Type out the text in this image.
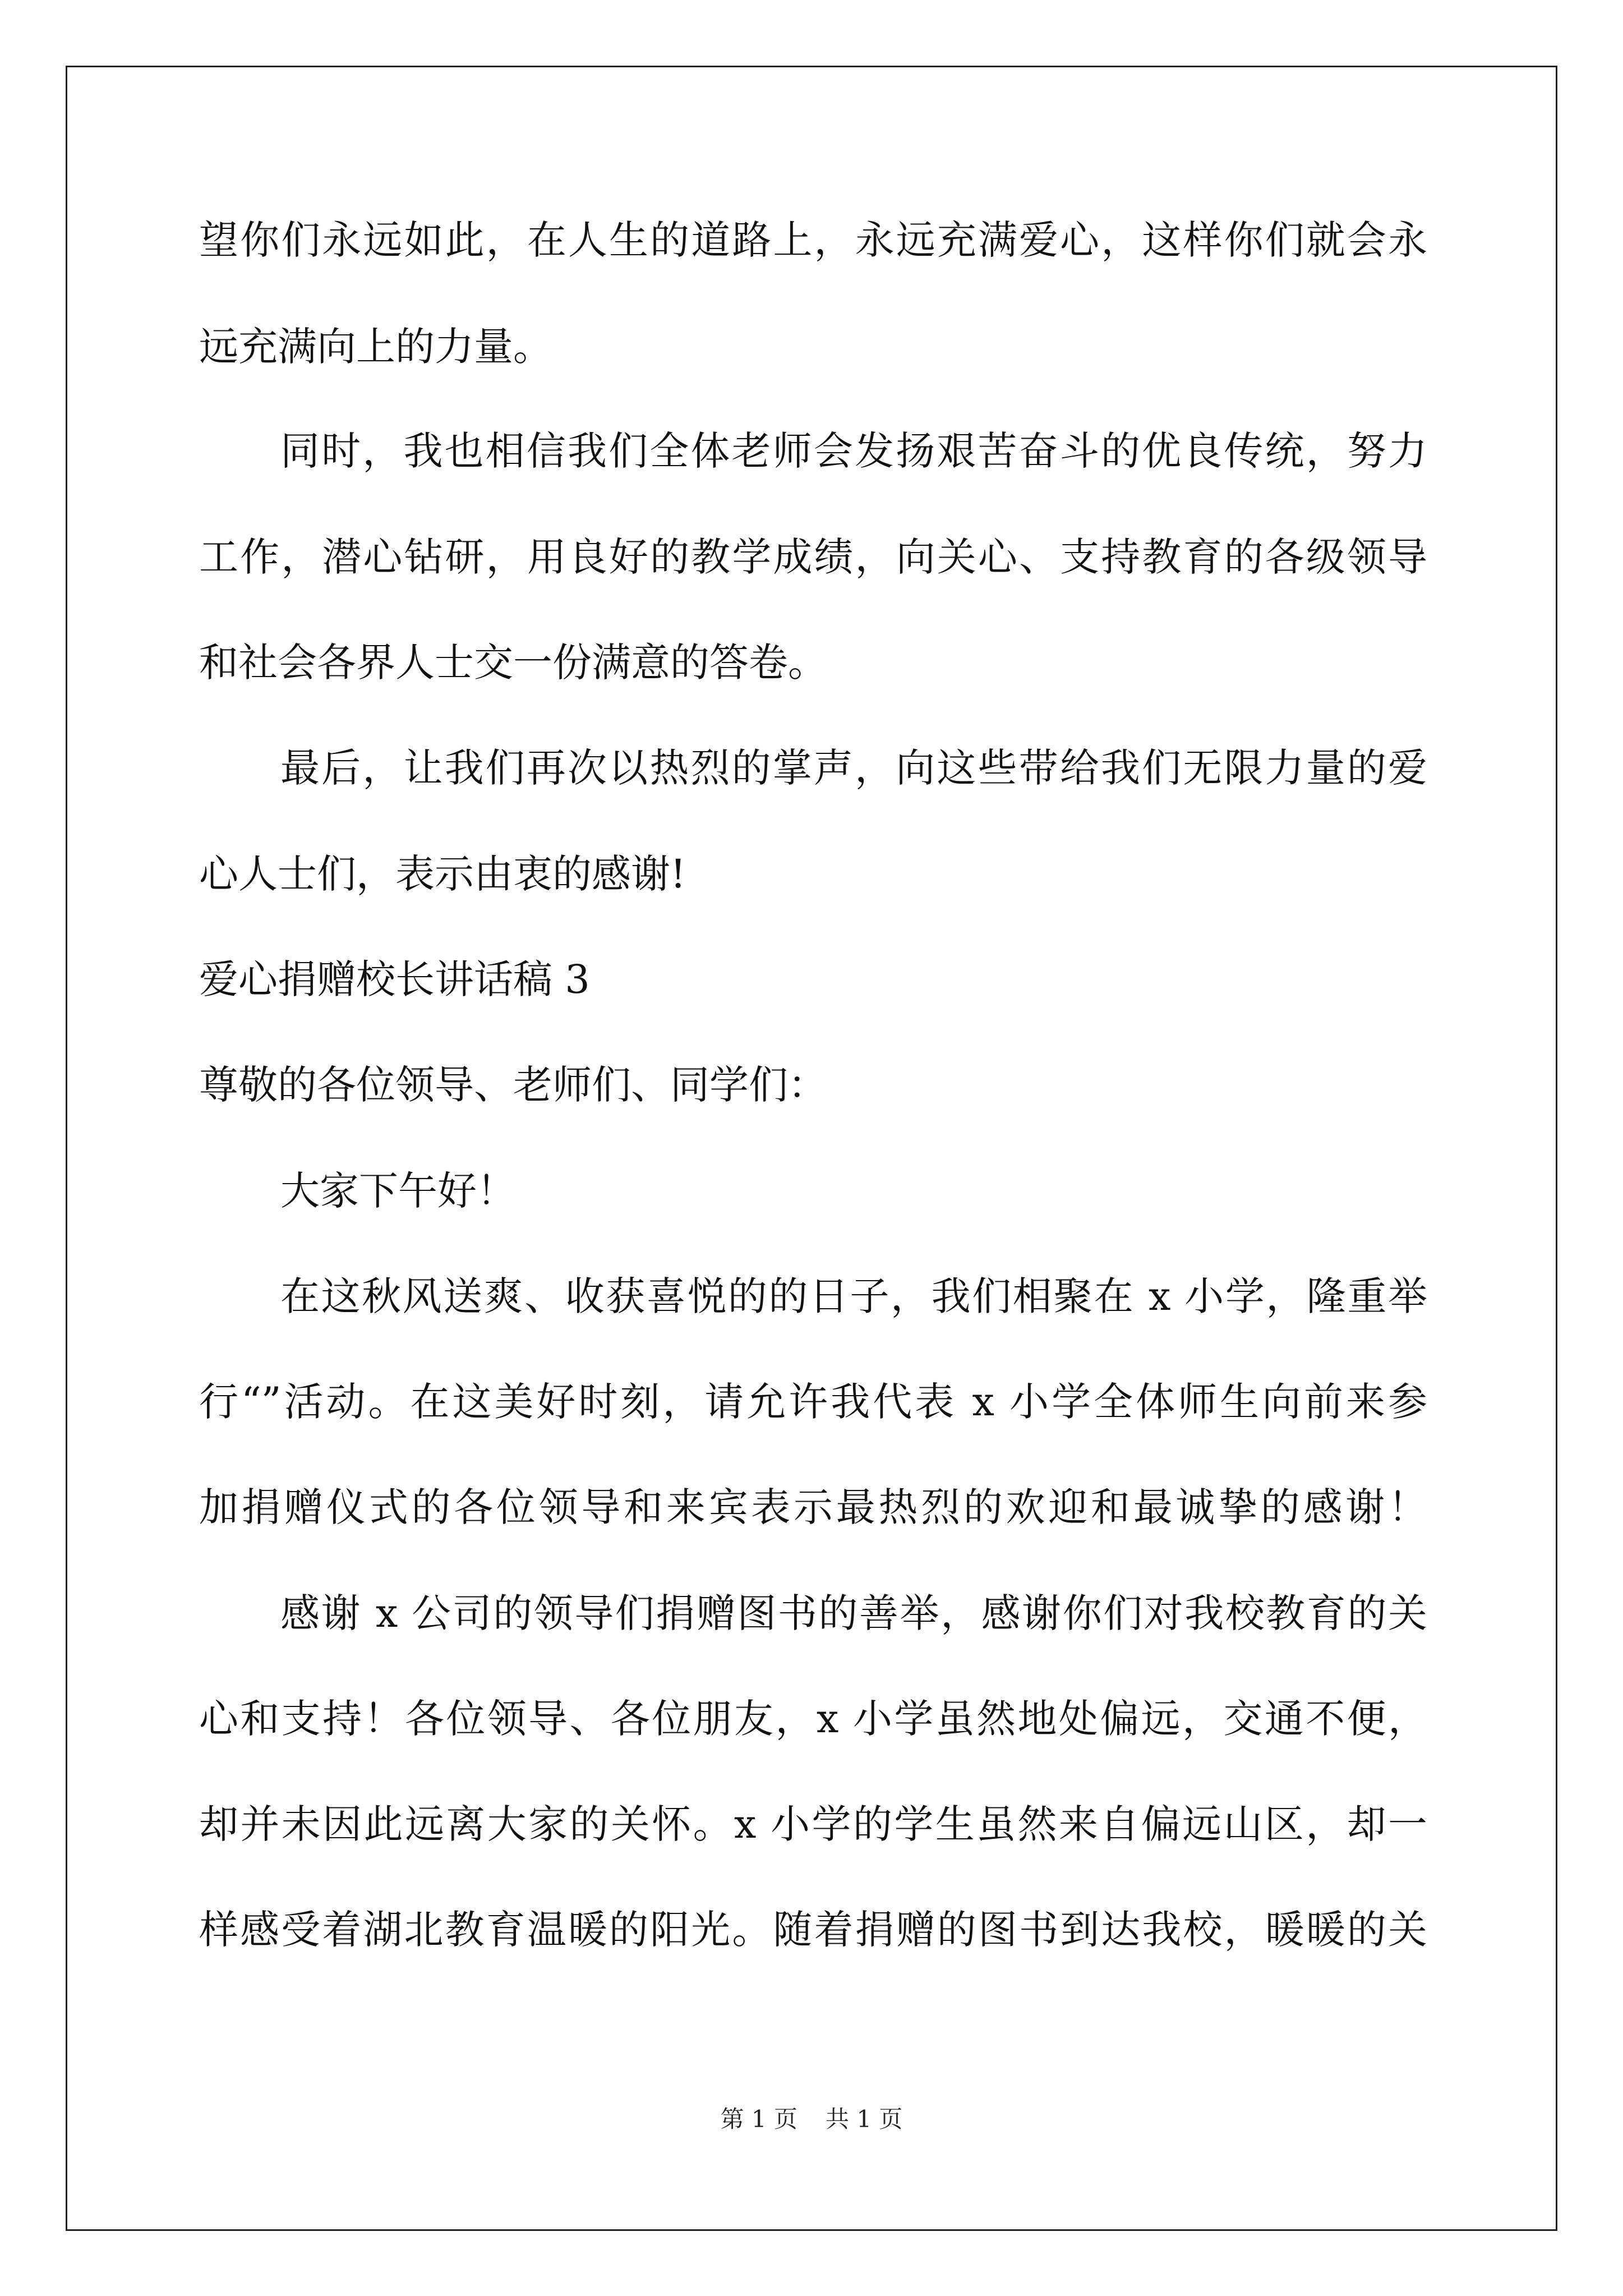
望你们永远如此，在人生的道路上，永远充满爱心，这样你们就会永
远充满向上的力量。
同时，我也相信我们全体老师会发扬艰苦奋斗的优良传统，努力
工作，潜心钻研，用良好的教学成绩，向关心、支持教育的各级领导
和社会各界人士交一份满意的答卷。
最后，让我们再次以热烈的掌声，向这些带给我们无限力量的爱
心人士们，表示由衷的感谢!
爱心捐赠校长讲话稿 3
尊敬的各位领导、老师们、同学们：
大家下午好！
在这秋风送爽、收获喜悦的的日子，我们相聚在 x 小学，隆重举
行“”活动。在这美好时刻，请允许我代表 x 小学全体师生向前来参
加捐赠仪式的各位领导和来宾表示最热烈的欢迎和最诚挚的感谢！
感谢 x 公司的领导们捐赠图书的善举，感谢你们对我校教育的关
心和支持！各位领导、各位朋友，x 小学虽然地处偏远，交通不便，
却并未因此远离大家的关怀。x 小学的学生虽然来自偏远山区，却一
样感受着湖北教育温暖的阳光。随着捐赠的图书到达我校，暖暖的关
第 1 页 共 1 页
